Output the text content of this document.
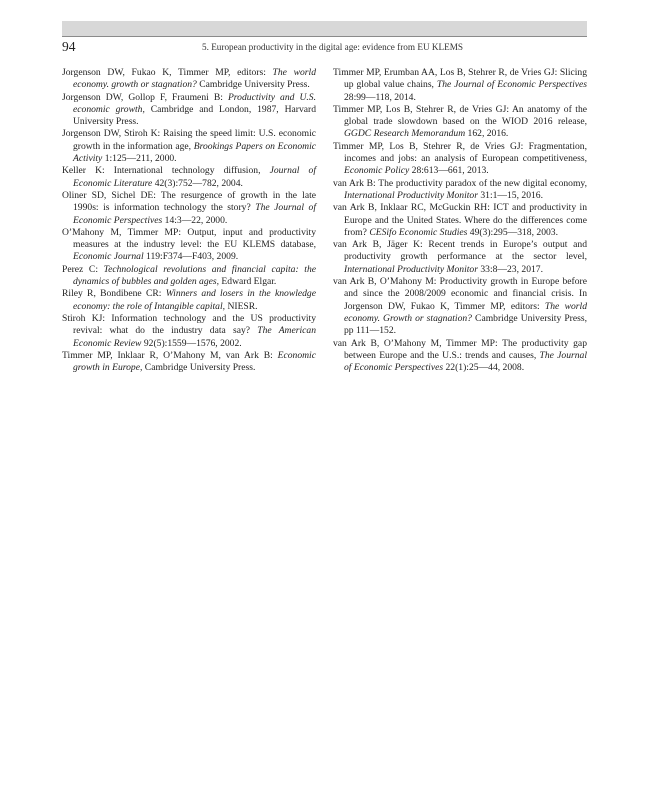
94	5. European productivity in the digital age: evidence from EU KLEMS

Jorgenson DW, Fukao K, Timmer MP, editors: The world economy. growth or stagnation? Cambridge University Press.

Jorgenson DW, Gollop F, Fraumeni B: Productivity and U.S. economic growth, Cambridge and London, 1987, Harvard University Press.

Jorgenson DW, Stiroh K: Raising the speed limit: U.S. economic growth in the information age, Brookings Papers on Economic Activity 1:125—211, 2000.

Keller K: International technology diffusion, Journal of Economic Literature 42(3):752—782, 2004.

Oliner SD, Sichel DE: The resurgence of growth in the late 1990s: is information technology the story? The Journal of Economic Perspectives 14:3—22, 2000.

O’Mahony M, Timmer MP: Output, input and productivity measures at the industry level: the EU KLEMS database, Economic Journal 119:F374—F403, 2009.

Perez C: Technological revolutions and financial capita: the dynamics of bubbles and golden ages, Edward Elgar.

Riley R, Bondibene CR: Winners and losers in the knowledge economy: the role of Intangible capital, NIESR.

Stiroh KJ: Information technology and the US productivity revival: what do the industry data say? The American Economic Review 92(5):1559—1576, 2002.

Timmer MP, Inklaar R, O’Mahony M, van Ark B: Economic growth in Europe, Cambridge University Press.

Timmer MP, Erumban AA, Los B, Stehrer R, de Vries GJ: Slicing up global value chains, The Journal of Economic Perspectives 28:99—118, 2014.

Timmer MP, Los B, Stehrer R, de Vries GJ: An anatomy of the global trade slowdown based on the WIOD 2016 release, GGDC Research Memorandum 162, 2016.

Timmer MP, Los B, Stehrer R, de Vries GJ: Fragmentation, incomes and jobs: an analysis of European competitiveness, Economic Policy 28:613—661, 2013.

van Ark B: The productivity paradox of the new digital economy, International Productivity Monitor 31:1—15, 2016.

van Ark B, Inklaar RC, McGuckin RH: ICT and productivity in Europe and the United States. Where do the differences come from? CESifo Economic Studies 49(3):295—318, 2003.

van Ark B, Jäger K: Recent trends in Europe’s output and productivity growth performance at the sector level, International Productivity Monitor 33:8—23, 2017.

van Ark B, O’Mahony M: Productivity growth in Europe before and since the 2008/2009 economic and financial crisis. In Jorgenson DW, Fukao K, Timmer MP, editors: The world economy. Growth or stagnation? Cambridge University Press, pp 111—152.

van Ark B, O’Mahony M, Timmer MP: The productivity gap between Europe and the U.S.: trends and causes, The Journal of Economic Perspectives 22(1):25—44, 2008.
